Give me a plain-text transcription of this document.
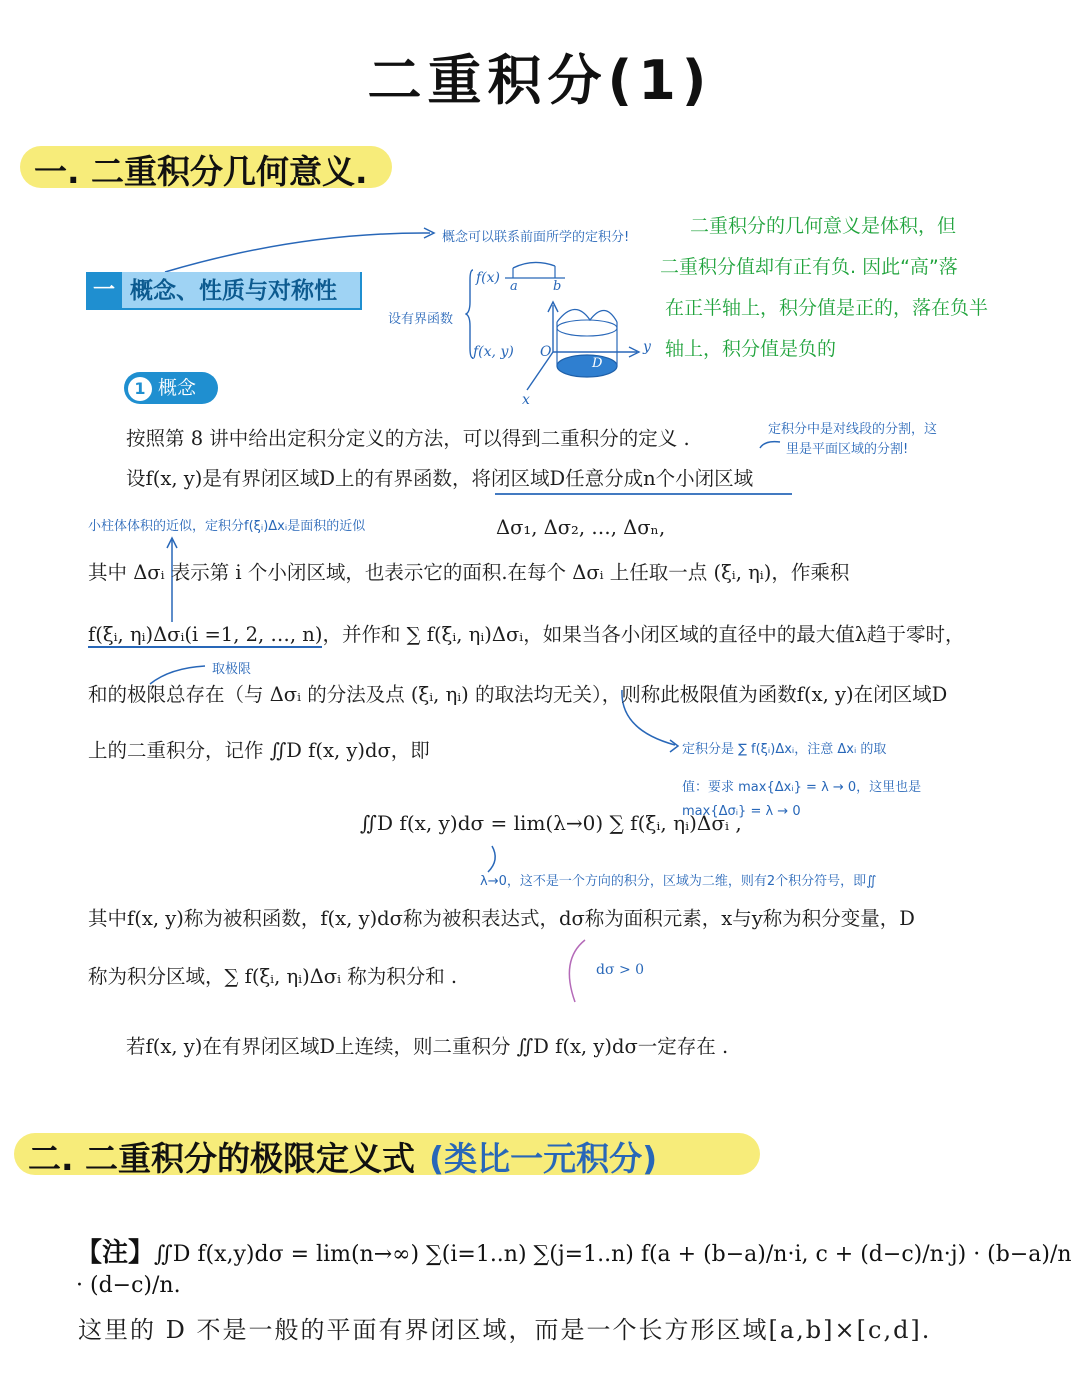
二重积分(1)
一. 二重积分几何意义.
概念可以联系前面所学的定积分!
一 概念、性质与对称性
设有界函数
f(x)
a	b
f(x, y) O	y
x
D
二重积分的几何意义是体积，但
二重积分值却有正有负. 因此“高”落
在正半轴上，积分值是正的，落在负半
轴上，积分值是负的
1 概念
按照第 8 讲中给出定积分定义的方法，可以得到二重积分的定义 .	定积分中是对线段的分割，这
里是平面区域的分割!
设f(x, y)是有界闭区域D上的有界函数，将闭区域D任意分成n个小闭区域
小柱体体积的近似，定积分f(ξᵢ)Δxᵢ是面积的近似	Δσ₁, Δσ₂, …, Δσₙ,
其中 Δσᵢ 表示第 i 个小闭区域，也表示它的面积.在每个 Δσᵢ 上任取一点 (ξᵢ, ηᵢ)，作乘积
f(ξᵢ, ηᵢ)Δσᵢ(i =1, 2, …, n)，并作和 ∑ f(ξᵢ, ηᵢ)Δσᵢ，如果当各小闭区域的直径中的最大值λ趋于零时，
取极限
和的极限总存在（与 Δσᵢ 的分法及点 (ξᵢ, ηᵢ) 的取法均无关），则称此极限值为函数f(x, y)在闭区域D
上的二重积分，记作 ∬D f(x, y)dσ，即	定积分是 ∑ f(ξᵢ)Δxᵢ，注意 Δxᵢ 的取
值：要求 max{Δxᵢ} = λ → 0，这里也是
max{Δσᵢ} = λ → 0
∬D f(x, y)dσ = lim(λ→0) ∑ f(ξᵢ, ηᵢ)Δσᵢ ,
λ→0，这不是一个方向的积分，区域为二维，则有2个积分符号，即∬
其中f(x, y)称为被积函数，f(x, y)dσ称为被积表达式，dσ称为面积元素，x与y称为积分变量，D
称为积分区域，∑ f(ξᵢ, ηᵢ)Δσᵢ 称为积分和 .	dσ > 0
若f(x, y)在有界闭区域D上连续，则二重积分 ∬D f(x, y)dσ一定存在 .
二. 二重积分的极限定义式 (类比一元积分)
【注】∬D f(x,y)dσ = lim(n→∞) ∑(i=1..n) ∑(j=1..n) f(a + (b−a)/n·i, c + (d−c)/n·j) · (b−a)/n · (d−c)/n.
这里的 D 不是一般的平面有界闭区域，而是一个长方形区域[a,b]×[c,d].
